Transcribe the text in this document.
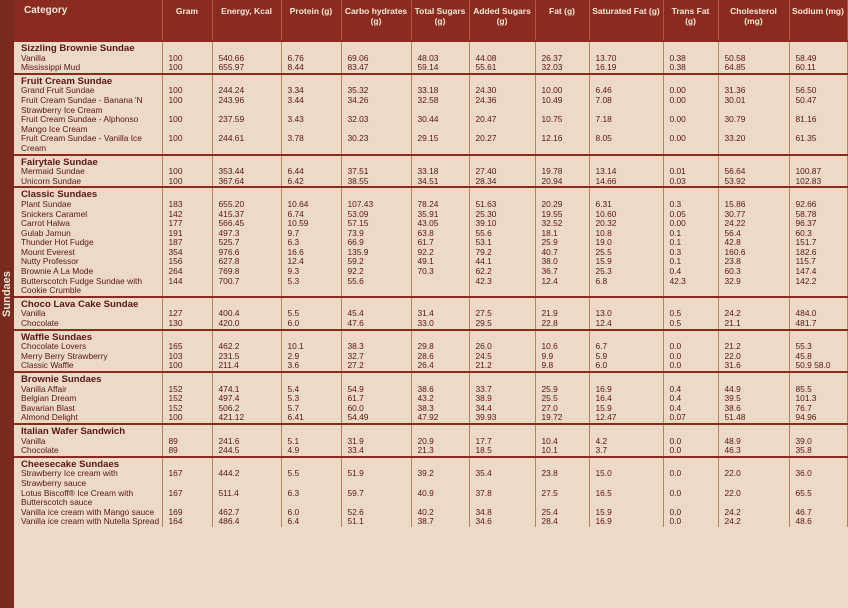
Sundaes
Category	Gram	Energy, Kcal	Protein (g)	Carbo hydrates (g)	Total Sugars (g)	Added Sugars (g)	Fat (g)	Saturated Fat (g)	Trans Fat (g)	Cholesterol (mg)	Sodium (mg)
Sizzling Brownie Sundae											
Vanilla	100	540.66	6.76	69.06	48.03	44.08	26.37	13.70	0.38	50.58	58.49
Mississippi Mud	100	655.97	8.44	83.47	59.14	55.61	32.03	16.19	0.38	64.85	60.11
Fruit Cream Sundae											
Grand Fruit Sundae	100	244.24	3.34	35.32	33.18	24.30	10.00	6.46	0.00	31.36	56.50
Fruit Cream Sundae - Banana 'N Strawberry Ice Cream	100	243.96	3.44	34.26	32.58	24.36	10.49	7.08	0.00	30.01	50.47
Fruit Cream Sundae - Alphonso Mango Ice Cream	100	237.59	3.43	32.03	30.44	20.47	10.75	7.18	0.00	30.79	81.16
Fruit Cream Sundae - Vanilla Ice Cream	100	244.61	3.78	30.23	29.15	20.27	12.16	8.05	0.00	33.20	61.35
Fairytale Sundae											
Mermaid Sundae	100	353.44	6.44	37.51	33.18	27.40	19.78	13.14	0.01	56.64	100.87
Unicorn Sundae	100	367.64	6.42	38.55	34.51	28.34	20.94	14.66	0.03	53.92	102.83
Classic Sundaes											
Plant Sundae	183	655.20	10.64	107.43	78.24	51.63	20.29	6.31	0.3	15.86	92.66
Snickers Caramel	142	415.37	6.74	53.09	35.91	25.30	19.55	10.60	0.05	30.77	58.78
Carrot Halwa	177	566.45	10.59	57.15	43.05	39.10	32.52	20.32	0.00	24.22	96.37
Gulab Jamun	191	497.3	9.7	73.9	63.8	55.6	18.1	10.8	0.1	56.4	60.3
Thunder Hot Fudge	187	525.7	6.3	66.9	61.7	53.1	25.9	19.0	0.1	42.8	151.7
Mount Everest	354	976.6	16.6	135.9	92.2	79.2	40.7	25.5	0.3	160.6	182.6
Nutty Professor	156	627.8	12.4	59.2	49.1	44.1	38.0	15.9	0.1	23.8	115.7
Brownie A La Mode	264	769.8	9.3	92.2	70.3	62.2	36.7	25.3	0.4	60.3	147.4
Butterscotch Fudge Sundae with Cookie Crumble	144	700.7	5.3	55.6		42.3	12.4	6.8	42.3	32.9	142.2
Choco Lava Cake Sundae											
Vanilla	127	400.4	5.5	45.4	31.4	27.5	21.9	13.0	0.5	24.2	484.0
Chocolate	130	420.0	6.0	47.6	33.0	29.5	22.8	12.4	0.5	21.1	481.7
Waffle Sundaes											
Chocolate Lovers	165	462.2	10.1	38.3	29.8	26.0	10.6	6.7	0.0	21.2	55.3
Merry Berry Strawberry	103	231.5	2.9	32.7	28.6	24.5	9.9	5.9	0.0	22.0	45.8
Classic Waffle	100	211.4	3.6	27.2	26.4	21.2	9.8	6.0	0.0	31.6	50.9 58.0
Brownie Sundaes											
Vanilla Affair	152	474.1	5.4	54.9	38.6	33.7	25.9	16.9	0.4	44.9	85.5
Belgian Dream	152	497.4	5.3	61.7	43.2	38.9	25.5	16.4	0.4	39.5	101.3
Bavarian Blast	152	506.2	5.7	60.0	38.3	34.4	27.0	15.9	0.4	38.6	76.7
Almond Delight	100	421.12	6.41	54.49	47.92	39.93	19.72	12.47	0.07	51.48	94.96
Italian Wafer Sandwich											
Vanilla	89	241.6	5.1	31.9	20.9	17.7	10.4	4.2	0.0	48.9	39.0
Chocolate	89	244.5	4.9	33.4	21.3	18.5	10.1	3.7	0.0	46.3	35.8
Cheesecake Sundaes											
Strawberry Ice cream with Strawberry sauce	167	444.2	5.5	51.9	39.2	35.4	23.8	15.0	0.0	22.0	36.0
Lotus Biscoff® Ice Cream with Butterscotch sauce	167	511.4	6.3	59.7	40.9	37.8	27.5	16.5	0.0	22.0	65.5
Vanilla ice cream with Mango sauce	169	462.7	6.0	52.6	40.2	34.8	25.4	15.9	0.0	24.2	46.7
Vanilla ice cream with Nutella Spread	164	486.4	6.4	51.1	38.7	34.6	28.4	16.9	0.0	24.2	48.6
